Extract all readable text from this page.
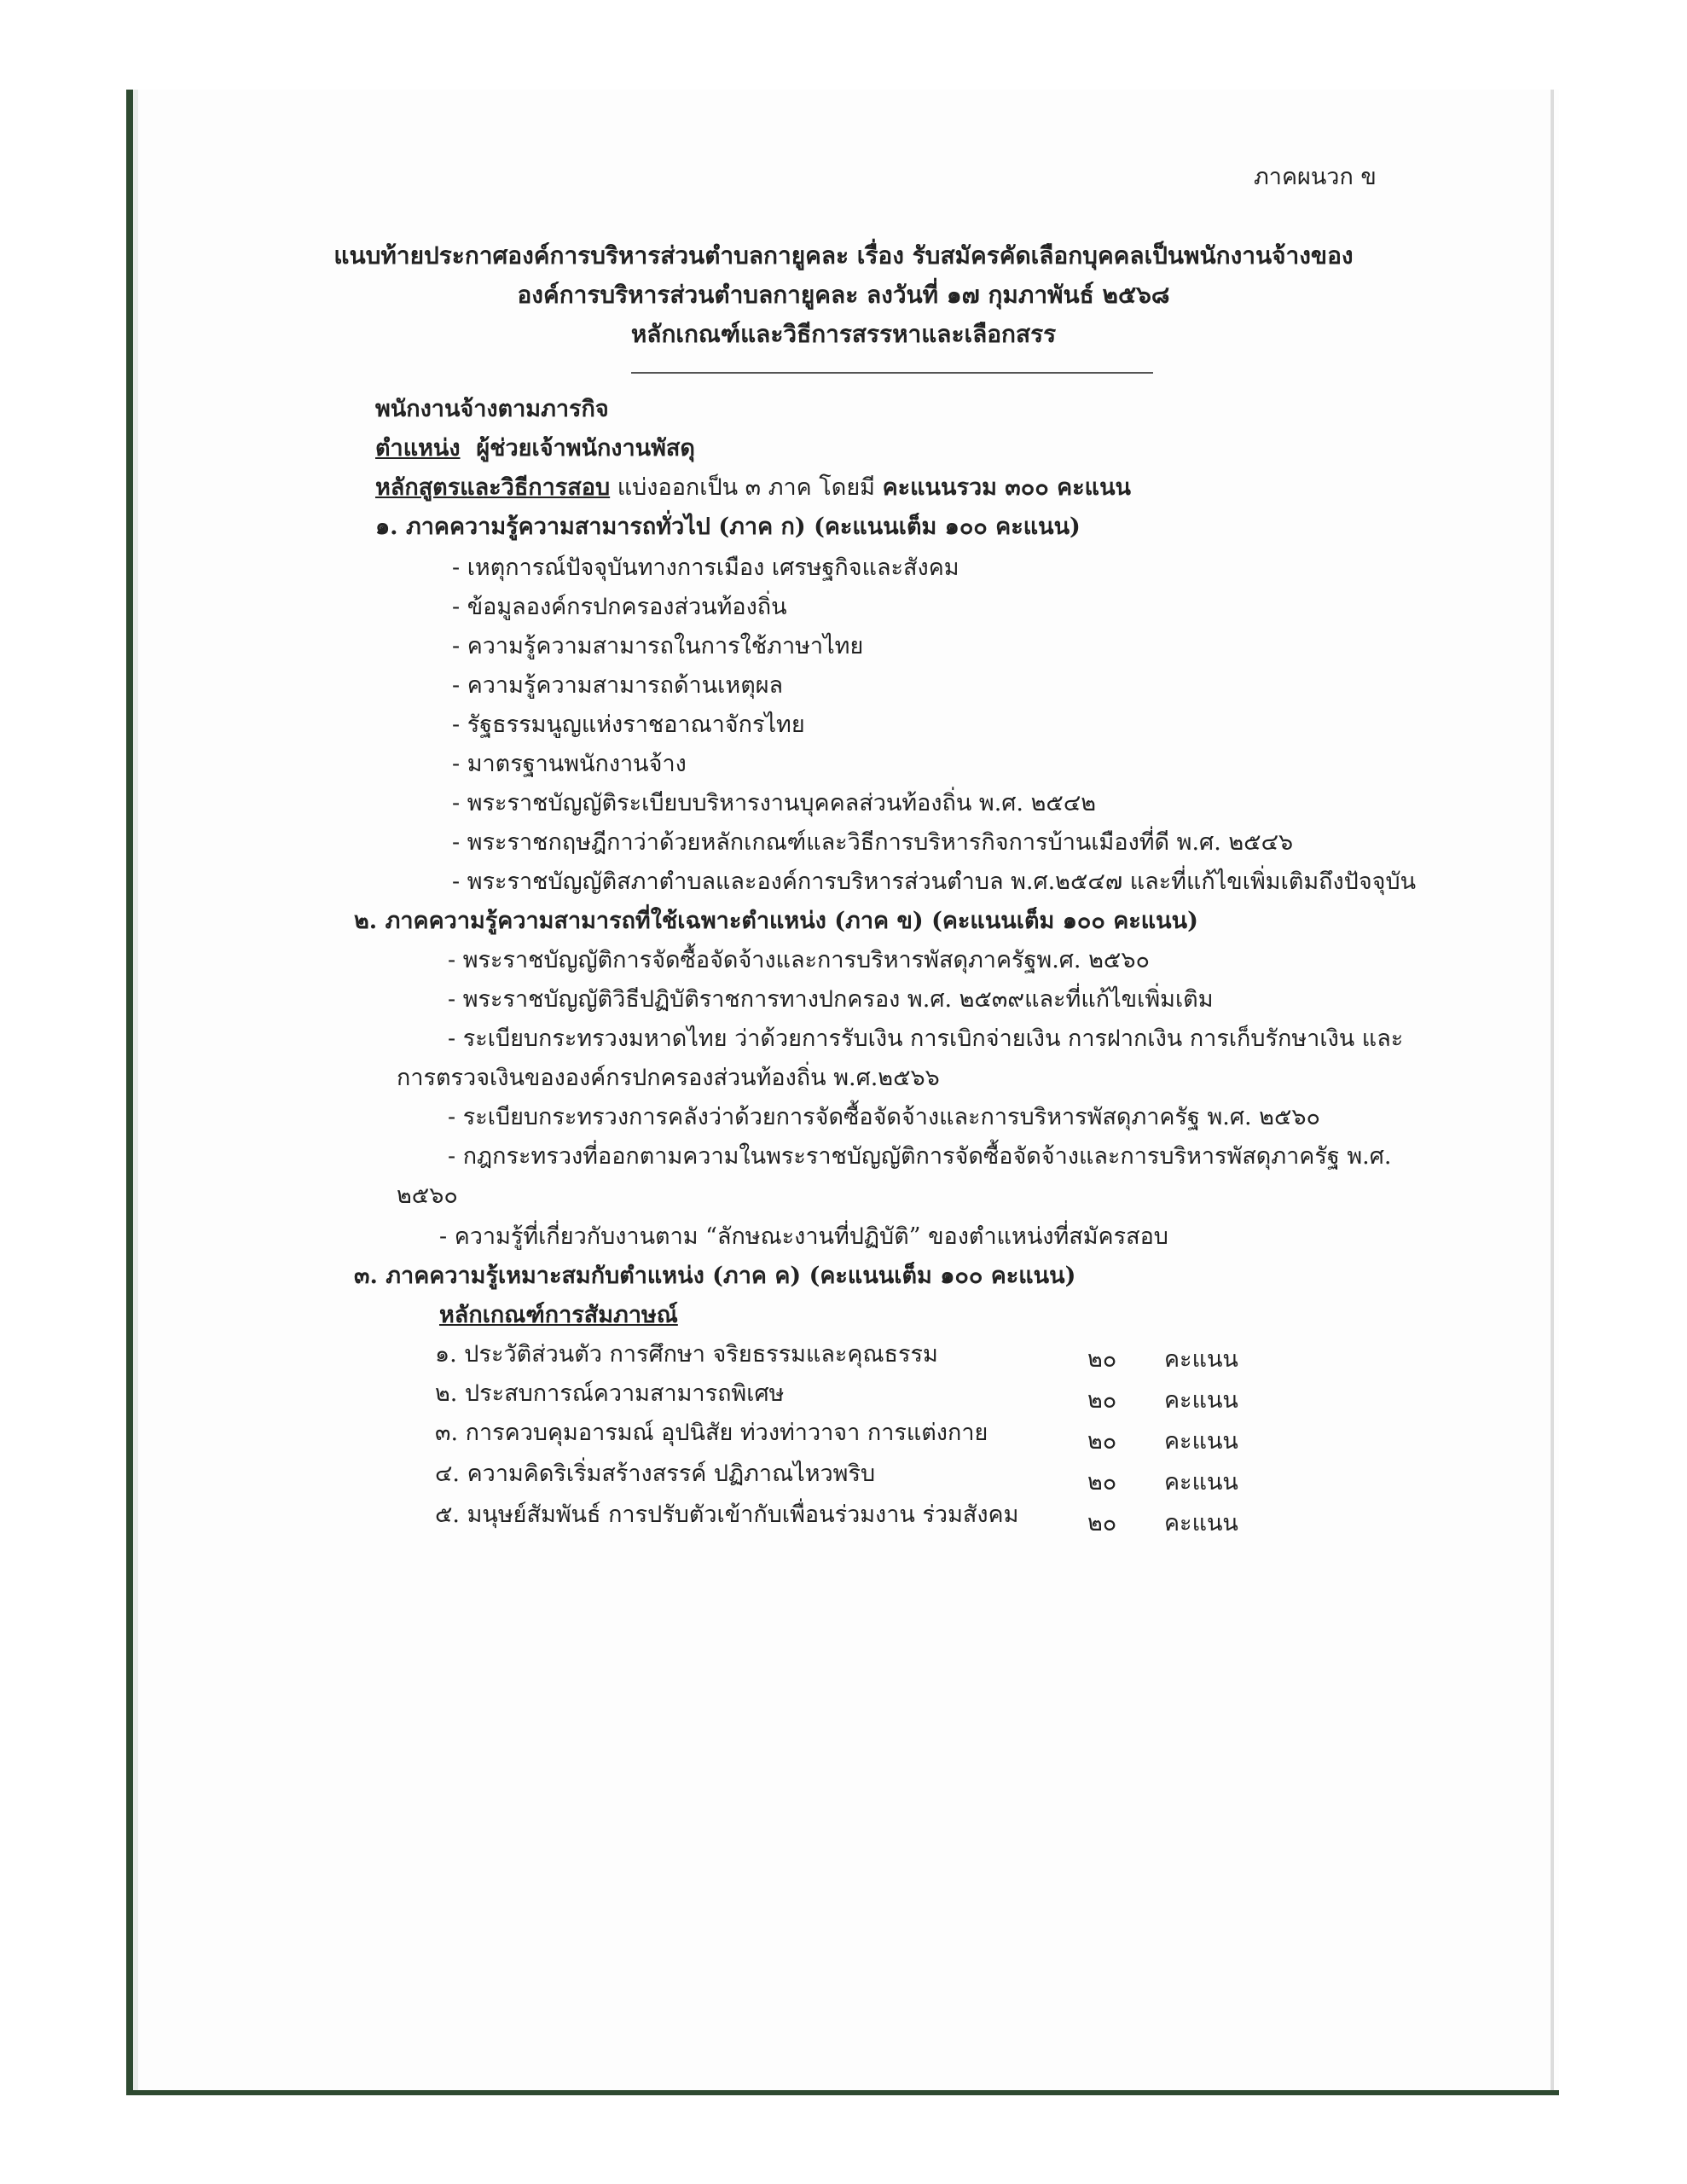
ภาคผนวก ข
แนบท้ายประกาศองค์การบริหารส่วนตำบลกายูคละ เรื่อง รับสมัครคัดเลือกบุคคลเป็นพนักงานจ้างของ
องค์การบริหารส่วนตำบลกายูคละ ลงวันที่ ๑๗ กุมภาพันธ์ ๒๕๖๘
หลักเกณฑ์และวิธีการสรรหาและเลือกสรร
พนักงานจ้างตามภารกิจ
ตำแหน่ง ผู้ช่วยเจ้าพนักงานพัสดุ
หลักสูตรและวิธีการสอบ แบ่งออกเป็น ๓ ภาค โดยมี คะแนนรวม ๓๐๐ คะแนน
๑. ภาคความรู้ความสามารถทั่วไป (ภาค ก) (คะแนนเต็ม ๑๐๐ คะแนน)
- เหตุการณ์ปัจจุบันทางการเมือง เศรษฐกิจและสังคม
- ข้อมูลองค์กรปกครองส่วนท้องถิ่น
- ความรู้ความสามารถในการใช้ภาษาไทย
- ความรู้ความสามารถด้านเหตุผล
- รัฐธรรมนูญแห่งราชอาณาจักรไทย
- มาตรฐานพนักงานจ้าง
- พระราชบัญญัติระเบียบบริหารงานบุคคลส่วนท้องถิ่น พ.ศ. ๒๕๔๒
- พระราชกฤษฎีกาว่าด้วยหลักเกณฑ์และวิธีการบริหารกิจการบ้านเมืองที่ดี พ.ศ. ๒๕๔๖
- พระราชบัญญัติสภาตำบลและองค์การบริหารส่วนตำบล พ.ศ.๒๕๔๗ และที่แก้ไขเพิ่มเติมถึงปัจจุบัน
๒. ภาคความรู้ความสามารถที่ใช้เฉพาะตำแหน่ง (ภาค ข) (คะแนนเต็ม ๑๐๐ คะแนน)
- พระราชบัญญัติการจัดซื้อจัดจ้างและการบริหารพัสดุภาครัฐพ.ศ. ๒๕๖๐
- พระราชบัญญัติวิธีปฏิบัติราชการทางปกครอง พ.ศ. ๒๕๓๙และที่แก้ไขเพิ่มเติม
- ระเบียบกระทรวงมหาดไทย ว่าด้วยการรับเงิน การเบิกจ่ายเงิน การฝากเงิน การเก็บรักษาเงิน และ
การตรวจเงินขององค์กรปกครองส่วนท้องถิ่น พ.ศ.๒๕๖๖
- ระเบียบกระทรวงการคลังว่าด้วยการจัดซื้อจัดจ้างและการบริหารพัสดุภาครัฐ พ.ศ. ๒๕๖๐
- กฎกระทรวงที่ออกตามความในพระราชบัญญัติการจัดซื้อจัดจ้างและการบริหารพัสดุภาครัฐ พ.ศ.
๒๕๖๐
- ความรู้ที่เกี่ยวกับงานตาม “ลักษณะงานที่ปฏิบัติ” ของตำแหน่งที่สมัครสอบ
๓. ภาคความรู้เหมาะสมกับตำแหน่ง (ภาค ค) (คะแนนเต็ม ๑๐๐ คะแนน)
หลักเกณฑ์การสัมภาษณ์
๑. ประวัติส่วนตัว การศึกษา จริยธรรมและคุณธรรม	๒๐ คะแนน
๒. ประสบการณ์ความสามารถพิเศษ	๒๐ คะแนน
๓. การควบคุมอารมณ์ อุปนิสัย ท่วงท่าวาจา การแต่งกาย	๒๐ คะแนน
๔. ความคิดริเริ่มสร้างสรรค์ ปฏิภาณไหวพริบ	๒๐ คะแนน
๕. มนุษย์สัมพันธ์ การปรับตัวเข้ากับเพื่อนร่วมงาน ร่วมสังคม	๒๐ คะแนน
